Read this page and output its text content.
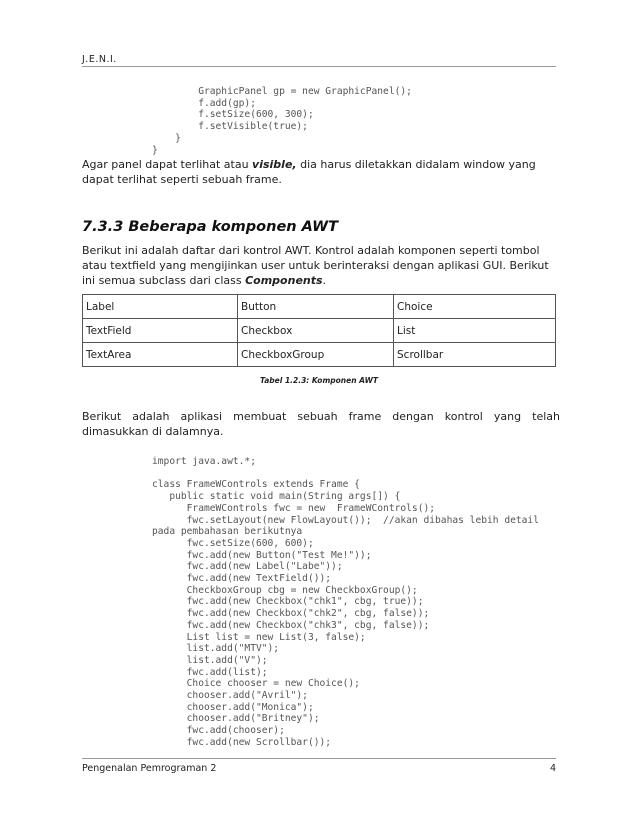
J.E.N.I.
GraphicPanel gp = new GraphicPanel();
f.add(gp);
f.setSize(600, 300);
f.setVisible(true);
}
}
Agar panel dapat terlihat atau visible, dia harus diletakkan didalam window yang dapat terlihat seperti sebuah frame.
7.3.3 Beberapa komponen AWT
Berikut ini adalah daftar dari kontrol AWT. Kontrol adalah komponen seperti tombol atau textfield yang mengijinkan user untuk berinteraksi dengan aplikasi GUI. Berikut ini semua subclass dari class Components.
Label	Button	Choice
TextField	Checkbox	List
TextArea	CheckboxGroup	Scrollbar
Tabel 1.2.3: Komponen AWT
Berikut adalah aplikasi membuat sebuah frame dengan kontrol yang telah dimasukkan di dalamnya.
import java.awt.*;

class FrameWControls extends Frame {
public static void main(String args[]) {
FrameWControls fwc = new  FrameWControls();
fwc.setLayout(new FlowLayout());  //akan dibahas lebih detail
pada pembahasan berikutnya
fwc.setSize(600, 600);
fwc.add(new Button("Test Me!"));
fwc.add(new Label("Labe"));
fwc.add(new TextField());
CheckboxGroup cbg = new CheckboxGroup();
fwc.add(new Checkbox("chk1", cbg, true));
fwc.add(new Checkbox("chk2", cbg, false));
fwc.add(new Checkbox("chk3", cbg, false));
List list = new List(3, false);
list.add("MTV");
list.add("V");
fwc.add(list);
Choice chooser = new Choice();
chooser.add("Avril");
chooser.add("Monica");
chooser.add("Britney");
fwc.add(chooser);
fwc.add(new Scrollbar());
Pengenalan Pemrograman 2	4
